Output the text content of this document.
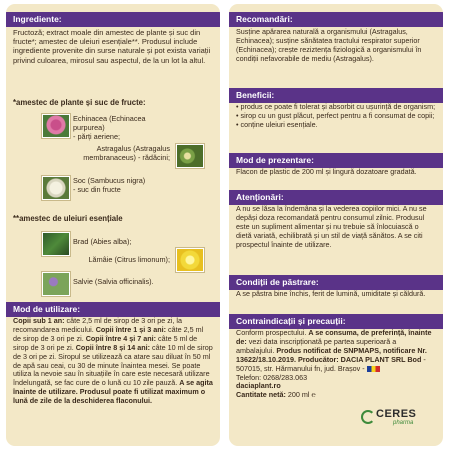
Ingrediente:
Fructoză; extract moale din amestec de plante și suc din fructe*; amestec de uleiuri esențiale**. Produsul include ingrediente provenite din surse naturale și pot exista variații privind culoarea, mirosul sau aspectul, de la un lot la altul.
*amestec de plante și suc de fructe:
Echinacea (Echinacea purpurea)
- părți aeriene;
Astragalus (Astragalus
membranaceus) - rădăcini;
Soc (Sambucus nigra)
- suc din fructe
**amestec de uleiuri esențiale
Brad (Abies alba);
Lămâie (Citrus limonum);
Salvie (Salvia officinalis).
Mod de utilizare:
Copii sub 1 an: câte 2,5 ml de sirop de 3 ori pe zi, la recomandarea medicului. Copii între 1 și 3 ani: câte 2,5 ml de sirop de 3 ori pe zi. Copii între 4 și 7 ani: câte 5 ml de sirop de 3 ori pe zi. Copii între 8 și 14 ani: câte 10 ml de sirop de 3 ori pe zi. Siropul se utilizează ca atare sau diluat în 50 ml de apă sau ceai, cu 30 de minute înaintea mesei. Se poate utiliza la nevoie sau în situațiile în care este necesară utilizare îndelungată, se fac cure de o lună cu 10 zile pauză. A se agita înainte de utilizare. Produsul poate fi utilizat maximum o lună de zile de la deschiderea flaconului.
Recomandări:
Susține apărarea naturală a organismului (Astragalus, Echinacea); susține sănătatea tractului respirator superior (Echinacea); crește reziztența fiziologică a organismului în condiții nefavorabile de mediu (Astragalus).
Beneficii:
• produs ce poate fi tolerat și absorbit cu ușurință de organism;
• sirop cu un gust plăcut, perfect pentru a fi consumat de copii;
• conține uleiuri esențiale.
Mod de prezentare:
Flacon de plastic de 200 ml și lingură dozatoare gradată.
Atenționări:
A nu se lăsa la îndemâna și la vederea copiilor mici. A nu se depăși doza recomandată pentru consumul zilnic. Produsul este un supliment alimentar și nu trebuie să înlocuiască o dietă variată, echilibrată și un stil de viață sănătos. A se citi prospectul înainte de utilizare.
Condiții de păstrare:
A se păstra bine închis, ferit de lumină, umiditate și căldură.
Contraindicații și precauții:
Conform prospectului. A se consuma, de preferință, înainte de: vezi data inscripționată pe partea superioară a ambalajului. Produs notificat de SNPMAPS, notificare Nr. 13622/18.10.2019. Producător: DACIA PLANT SRL Bod - 507015, str. Hărmanului fn, jud. Brașov -
Telefon: 0268/283.063
daciaplant.ro
Cantitate netă: 200 ml ℮
CERES
pharma
